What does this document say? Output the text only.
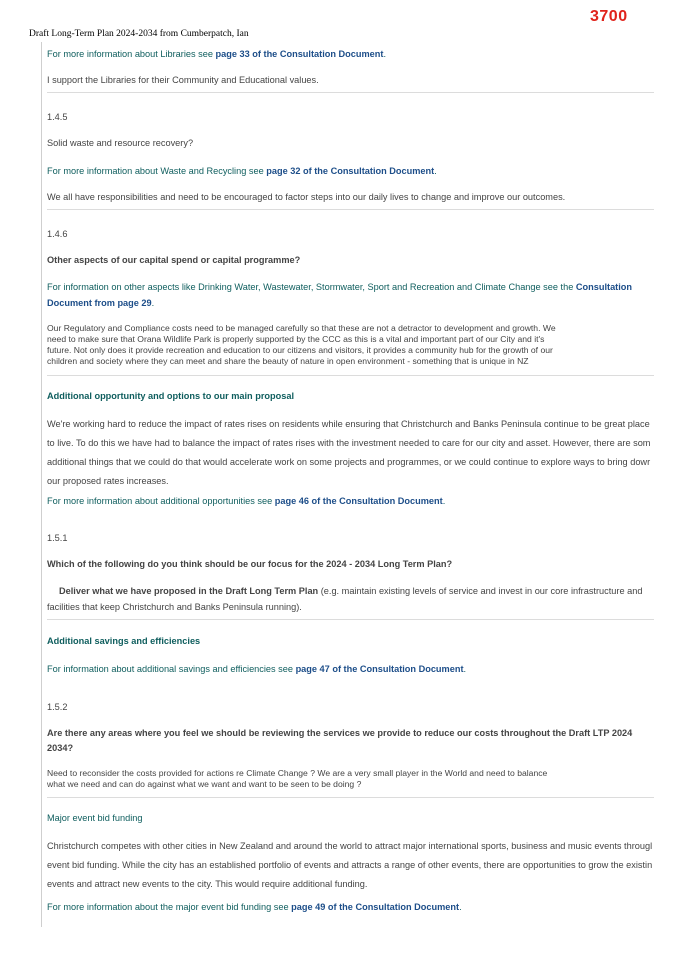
Draft Long-Term Plan 2024-2034 from Cumberpatch, Ian
3700
For more information about Libraries see page 33 of the Consultation Document.
I support the Libraries for their Community and Educational values.
1.4.5
Solid waste and resource recovery?
For more information about Waste and Recycling see page 32 of the Consultation Document.
We all have responsibilities and need to be encouraged to factor steps into our daily lives to change and improve our outcomes.
1.4.6
Other aspects of our capital spend or capital programme?
For information on other aspects like Drinking Water, Wastewater, Stormwater, Sport and Recreation and Climate Change see the Consultation
Document from page 29.
Our Regulatory and Compliance costs need to be managed carefully so that these are not a detractor to development and growth. We
need to make sure that Orana Wildlife Park is properly supported by the CCC as this is a vital and important part of our City and it's
future. Not only does it provide recreation and education to our citizens and visitors, it provides a community hub for the growth of our
children and society where they can meet and share the beauty of nature in open environment - something that is unique in NZ
Additional opportunity and options to our main proposal
We're working hard to reduce the impact of rates rises on residents while ensuring that Christchurch and Banks Peninsula continue to be great place
to live. To do this we have had to balance the impact of rates rises with the investment needed to care for our city and asset. However, there are som
additional things that we could do that would accelerate work on some projects and programmes, or we could continue to explore ways to bring dowr
our proposed rates increases.
For more information about additional opportunities see page 46 of the Consultation Document.
1.5.1
Which of the following do you think should be our focus for the 2024 - 2034 Long Term Plan?
Deliver what we have proposed in the Draft Long Term Plan (e.g. maintain existing levels of service and invest in our core infrastructure and
facilities that keep Christchurch and Banks Peninsula running).
Additional savings and efficiencies
For information about additional savings and efficiencies see page 47 of the Consultation Document.
1.5.2
Are there any areas where you feel we should be reviewing the services we provide to reduce our costs throughout the Draft LTP 2024
2034?
Need to reconsider the costs provided for actions re Climate Change ? We are a very small player in the World and need to balance
what we need and can do against what we want and want to be seen to be doing ?
Major event bid funding
Christchurch competes with other cities in New Zealand and around the world to attract major international sports, business and music events througl
event bid funding. While the city has an established portfolio of events and attracts a range of other events, there are opportunities to grow the existin
events and attract new events to the city. This would require additional funding.
For more information about the major event bid funding see page 49 of the Consultation Document.
